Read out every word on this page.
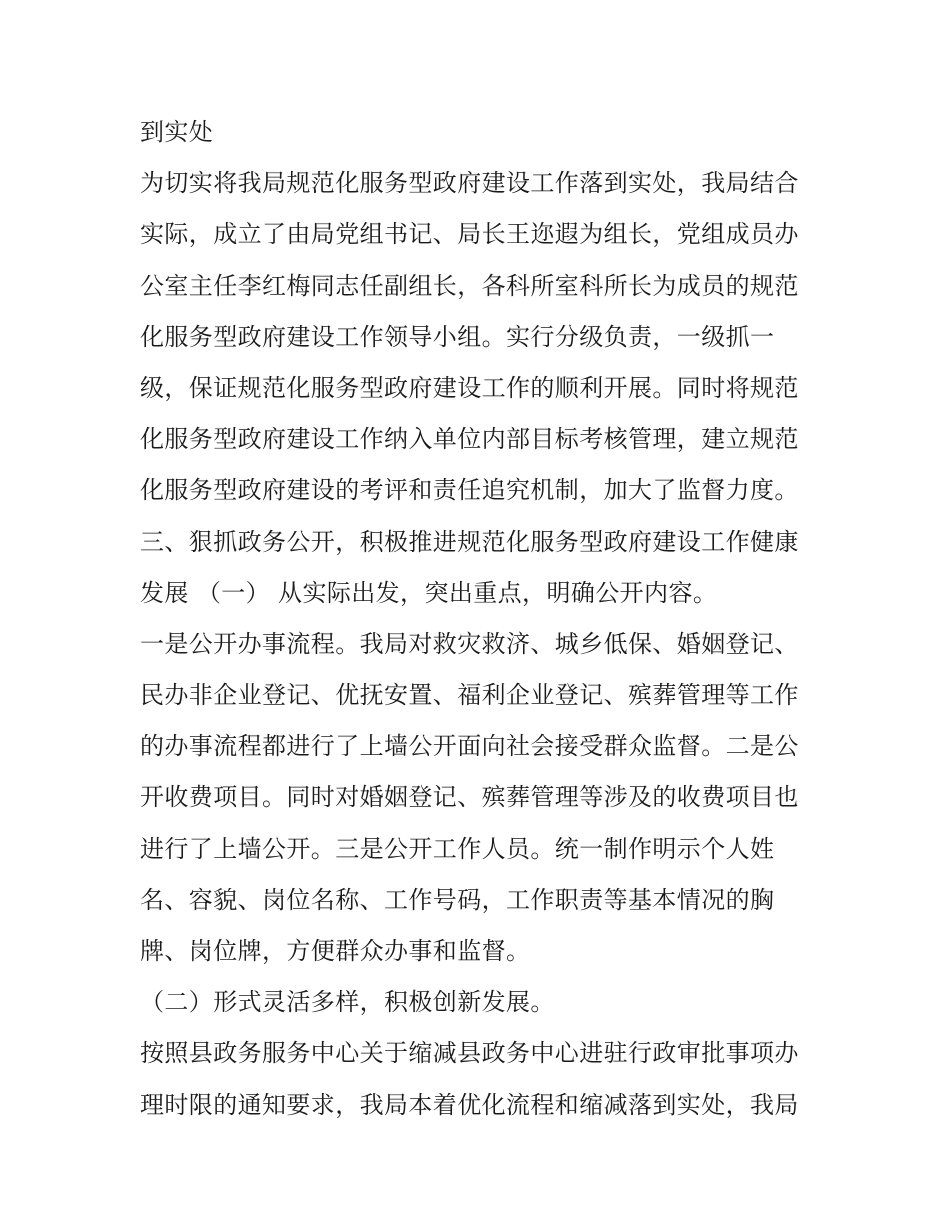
到实处
为切实将我局规范化服务型政府建设工作落到实处，我局结合
实际，成立了由局党组书记、局长王迩遐为组长，党组成员办
公室主任李红梅同志任副组长，各科所室科所长为成员的规范
化服务型政府建设工作领导小组。实行分级负责，一级抓一
级，保证规范化服务型政府建设工作的顺利开展。同时将规范
化服务型政府建设工作纳入单位内部目标考核管理，建立规范
化服务型政府建设的考评和责任追究机制，加大了监督力度。
三、狠抓政务公开，积极推进规范化服务型政府建设工作健康
发展 （一） 从实际出发，突出重点，明确公开内容。
一是公开办事流程。我局对救灾救济、城乡低保、婚姻登记、
民办非企业登记、优抚安置、福利企业登记、殡葬管理等工作
的办事流程都进行了上墙公开面向社会接受群众监督。二是公
开收费项目。同时对婚姻登记、殡葬管理等涉及的收费项目也
进行了上墙公开。三是公开工作人员。统一制作明示个人姓
名、容貌、岗位名称、工作号码，工作职责等基本情况的胸
牌、岗位牌，方便群众办事和监督。
（二）形式灵活多样，积极创新发展。
按照县政务服务中心关于缩减县政务中心进驻行政审批事项办
理时限的通知要求，我局本着优化流程和缩减落到实处，我局
